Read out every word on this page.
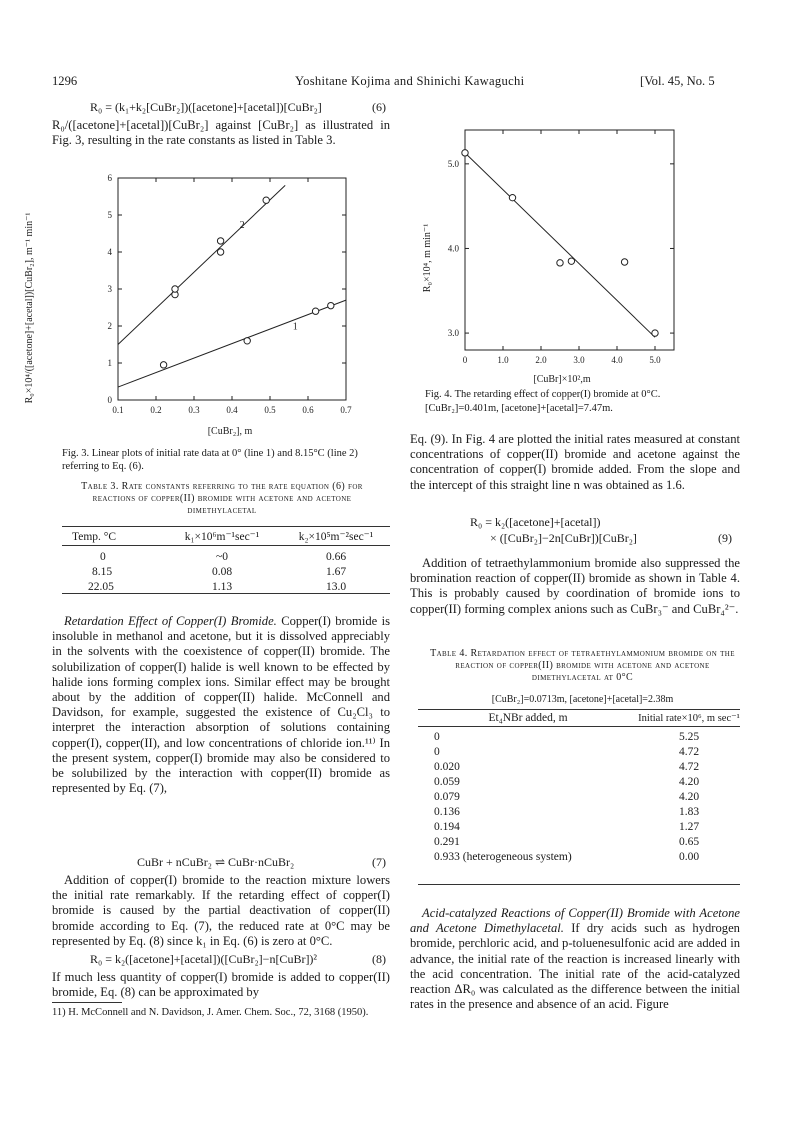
1296	Yoshitane Kojima and Shinichi Kawaguchi	[Vol. 45, No. 5
R₀ = (k₁+k₂[CuBr₂])([acetone]+[acetal])[CuBr₂]	(6)
R₀/([acetone]+[acetal])[CuBr₂] against [CuBr₂] as illustrated in Fig. 3, resulting in the rate constants as listed in Table 3.
0.1	0.2	0.3	0.4	0.5	0.6	0.7
0
1
2
3
4
5
6
1
2
R₀×10⁴/([acetone]+[acetal])[CuBr₂], m⁻¹ min⁻¹
[CuBr₂], m
Fig. 3. Linear plots of initial rate data at 0° (line 1) and 8.15°C (line 2) referring to Eq. (6).
Table 3. Rate constants referring to the rate equation (6) for reactions of copper(II) bromide with acetone and acetone dimethylacetal
Temp. °C	k₁×10⁶m⁻¹sec⁻¹	k₂×10⁵m⁻²sec⁻¹

0	~0	0.66
8.15	0.08	1.67
22.05	1.13	13.0
Retardation Effect of Copper(I) Bromide. Copper(I) bromide is insoluble in methanol and acetone, but it is dissolved appreciably in the solvents with the coexistence of copper(II) bromide. The solubilization of copper(I) halide is well known to be effected by halide ions forming complex ions. Similar effect may be brought about by the addition of copper(II) halide. McConnell and Davidson, for example, suggested the existence of Cu₂Cl₃ to interpret the interaction absorption of solutions containing copper(I), copper(II), and low concentrations of chloride ion.¹¹⁾ In the present system, copper(I) bromide may also be considered to be solubilized by the interaction with copper(II) bromide as represented by Eq. (7),
CuBr + nCuBr₂ ⇌ CuBr·nCuBr₂	(7)
Addition of copper(I) bromide to the reaction mixture lowers the initial rate remarkably. If the retarding effect of copper(I) bromide is caused by the partial deactivation of copper(II) bromide according to Eq. (7), the reduced rate at 0°C may be represented by Eq. (8) since k₁ in Eq. (6) is zero at 0°C.
R₀ = k₂([acetone]+[acetal])([CuBr₂]−n[CuBr])²	(8)
If much less quantity of copper(I) bromide is added to copper(II) bromide, Eq. (8) can be approximated by
11) H. McConnell and N. Davidson, J. Amer. Chem. Soc., 72, 3168 (1950).
0	1.0	2.0	3.0	4.0	5.0
3.0
4.0
5.0
R₀×10⁴, m min⁻¹
[CuBr]×10²,m
Fig. 4. The retarding effect of copper(I) bromide at 0°C.
[CuBr₂]=0.401m, [acetone]+[acetal]=7.47m.
Eq. (9). In Fig. 4 are plotted the initial rates measured at constant concentrations of copper(II) bromide and acetone against the concentration of copper(I) bromide added. From the slope and the intercept of this straight line n was obtained as 1.6.
R₀ = k₂([acetone]+[acetal])
× ([CuBr₂]−2n[CuBr])[CuBr₂]	(9)
Addition of tetraethylammonium bromide also suppressed the bromination reaction of copper(II) bromide as shown in Table 4. This is probably caused by coordination of bromide ions to copper(II) forming complex anions such as CuBr₃⁻ and CuBr₄²⁻.
Table 4. Retardation effect of tetraethylammonium bromide on the reaction of copper(II) bromide with acetone and acetone dimethylacetal at 0°C
[CuBr₂]=0.0713m, [acetone]+[acetal]=2.38m
Et₄NBr added, m	Initial rate×10⁶, m sec⁻¹

0	5.25
0	4.72
0.020	4.72
0.059	4.20
0.079	4.20
0.136	1.83
0.194	1.27
0.291	0.65
0.933 (heterogeneous system)	0.00
Acid-catalyzed Reactions of Copper(II) Bromide with Acetone and Acetone Dimethylacetal. If dry acids such as hydrogen bromide, perchloric acid, and p-toluenesulfonic acid are added in advance, the initial rate of the reaction is increased linearly with the acid concentration. The initial rate of the acid-catalyzed reaction ΔR₀ was calculated as the difference between the initial rates in the presence and absence of an acid. Figure
